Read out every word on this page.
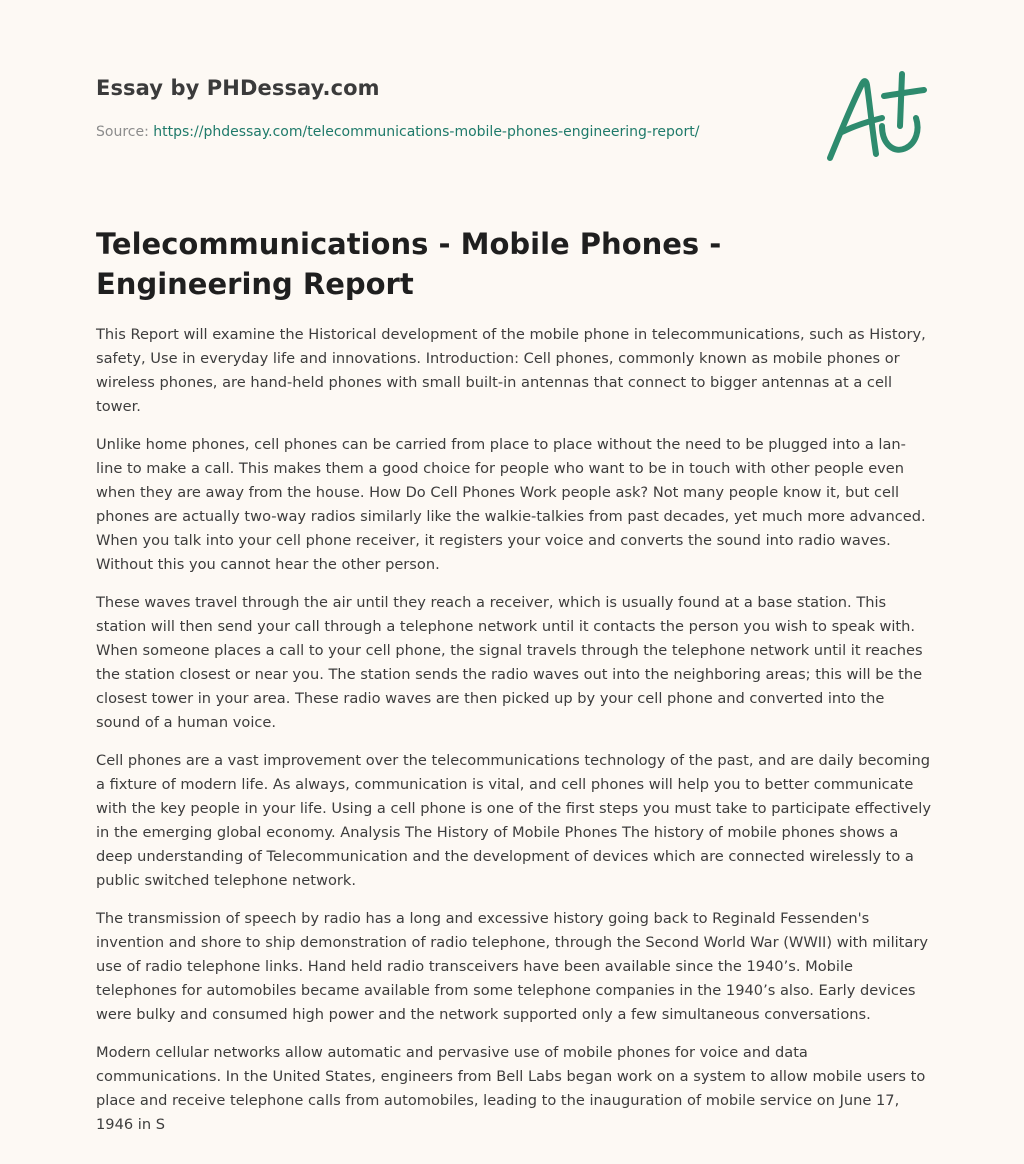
Essay by PHDessay.com
Source: https://phdessay.com/telecommunications-mobile-phones-engineering-report/
Telecommunications - Mobile Phones - Engineering Report

This Report will examine the Historical development of the mobile phone in telecommunications, such as History, safety, Use in everyday life and innovations. Introduction: Cell phones, commonly known as mobile phones or wireless phones, are hand-held phones with small built-in antennas that connect to bigger antennas at a cell tower.

Unlike home phones, cell phones can be carried from place to place without the need to be plugged into a lan-line to make a call. This makes them a good choice for people who want to be in touch with other people even when they are away from the house. How Do Cell Phones Work people ask? Not many people know it, but cell phones are actually two-way radios similarly like the walkie-talkies from past decades, yet much more advanced. When you talk into your cell phone receiver, it registers your voice and converts the sound into radio waves. Without this you cannot hear the other person.

These waves travel through the air until they reach a receiver, which is usually found at a base station. This station will then send your call through a telephone network until it contacts the person you wish to speak with. When someone places a call to your cell phone, the signal travels through the telephone network until it reaches the station closest or near you. The station sends the radio waves out into the neighboring areas; this will be the closest tower in your area. These radio waves are then picked up by your cell phone and converted into the sound of a human voice.

Cell phones are a vast improvement over the telecommunications technology of the past, and are daily becoming a fixture of modern life. As always, communication is vital, and cell phones will help you to better communicate with the key people in your life. Using a cell phone is one of the first steps you must take to participate effectively in the emerging global economy. Analysis The History of Mobile Phones The history of mobile phones shows a deep understanding of Telecommunication and the development of devices which are connected wirelessly to a public switched telephone network.

The transmission of speech by radio has a long and excessive history going back to Reginald Fessenden's invention and shore to ship demonstration of radio telephone, through the Second World War (WWII) with military use of radio telephone links. Hand held radio transceivers have been available since the 1940’s. Mobile telephones for automobiles became available from some telephone companies in the 1940’s also. Early devices were bulky and consumed high power and the network supported only a few simultaneous conversations.

Modern cellular networks allow automatic and pervasive use of mobile phones for voice and data communications. In the United States, engineers from Bell Labs began work on a system to allow mobile users to place and receive telephone calls from automobiles, leading to the inauguration of mobile service on June 17, 1946 in S
